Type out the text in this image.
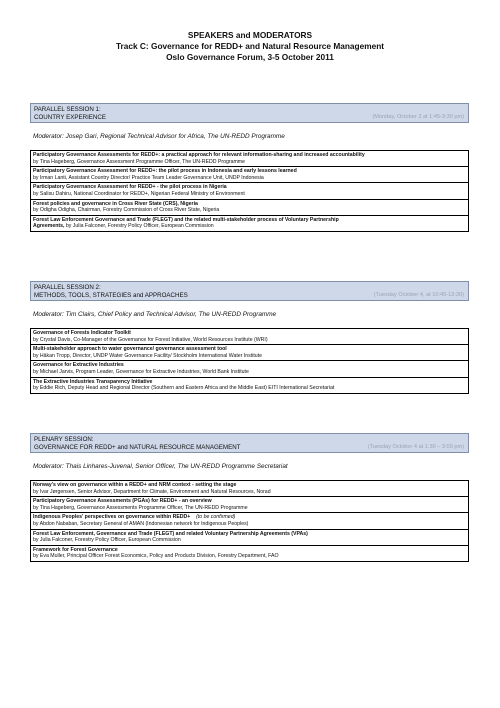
SPEAKERS and MODERATORS
Track C: Governance for REDD+ and Natural Resource Management
Oslo Governance Forum, 3-5 October 2011
PARALLEL SESSION 1:
COUNTRY EXPERIENCE	(Monday, October 3 at 1:45-3:30 pm)
Moderator: Josep Gari, Regional Technical Advisor for Africa, The UN-REDD Programme
Participatory Governance Assessments for REDD+: a practical approach for relevant information-sharing and increased accountability
by Tina Hageberg, Governance Assessment Programme Officer, The UN-REDD Programme
Participatory Governance Assessment for REDD+: the pilot process in Indonesia and early lessons learned
by Irman Lanti, Assistant Country Director/ Practice Team Leader Governance Unit, UNDP Indonesia
Participatory Governance Assessment for REDD+ - the pilot process in Nigeria
by Salisu Dahiru, National Coordinator for REDD+, Nigerian Federal Ministry of Environment
Forest policies and governance in Cross River State (CRS), Nigeria
by Odigha Odigha, Chairman, Forestry Commission of Cross River State, Nigeria
Forest Law Enforcement Governance and Trade (FLEGT) and the related multi-stakeholder process of Voluntary Partnership
Agreements, by Julia Falconer, Forestry Policy Officer, European Commission
PARALLEL SESSION 2:
METHODS, TOOLS, STRATEGIES and APPROACHES	(Tuesday October 4, at 10:45-12:30)
Moderator: Tim Clairs, Chief Policy and Technical Advisor, The UN-REDD Programme
Governance of Forests Indicator Toolkit
by Crystal Davis, Co-Manager of the Governance for Forest Initiative, World Resources Institute (WRI)
Multi-stakeholder approach to water governance/ governance assessment tool
by Håkan Tropp, Director, UNDP Water Governance Facility/ Stockholm International Water Institute
Governance for Extractive Industries
by Michael Jarvis, Program Leader, Governance for Extractive Industries, World Bank Institute
The Extractive Industries Transparency Initiative
by Eddie Rich, Deputy Head and Regional Director (Southern and Eastern Africa and the Middle East) EITI International Secretariat
PLENARY SESSION:
GOVERNANCE FOR REDD+ and NATURAL RESOURCE MANAGEMENT	(Tuesday October 4 at 1:30 – 3:00 pm)
Moderator: Thais Linhares-Juvenal, Senior Officer, The UN-REDD Programme Secretariat
Norway's view on governance within a REDD+ and NRM context - setting the stage
by Ivar Jørgensen, Senior Advisor, Department for Climate, Environment and Natural Resources, Norad
Participatory Governance Assessments (PGAs) for REDD+ - an overview
by Tina Hageberg, Governance Assessments Programme Officer, The UN-REDD Programme
Indigenous Peoples' perspectives on governance within REDD+ (to be confirmed)
by Abdon Nababan, Secretary General of AMAN (Indonesian network for Indigenous Peoples)
Forest Law Enforcement, Governance and Trade (FLEGT) and related Voluntary Partnership Agreements (VPAs)
by Julia Falconer, Forestry Policy Officer, European Commission
Framework for Forest Governance
by Eva Muller, Principal Officer Forest Economics, Policy and Products Division, Forestry Department, FAO
